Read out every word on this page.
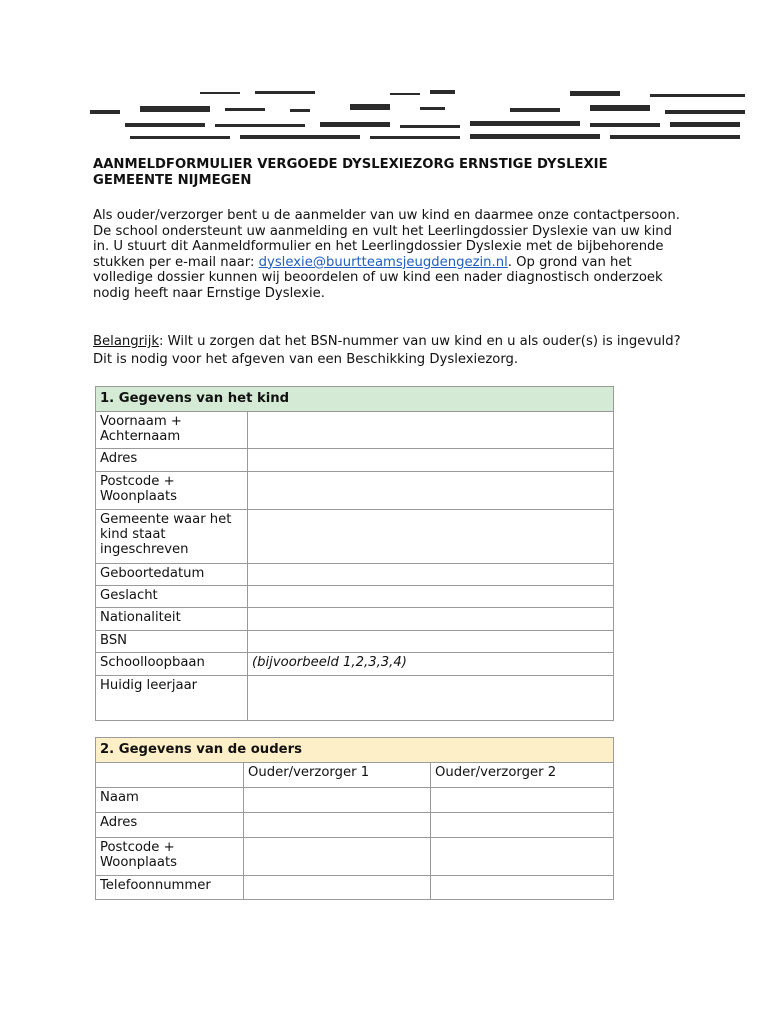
AANMELDFORMULIER VERGOEDE DYSLEXIEZORG ERNSTIGE DYSLEXIE
GEMEENTE NIJMEGEN

Als ouder/verzorger bent u de aanmelder van uw kind en daarmee onze contactpersoon. De school ondersteunt uw aanmelding en vult het Leerlingdossier Dyslexie van uw kind in. U stuurt dit Aanmeldformulier en het Leerlingdossier Dyslexie met de bijbehorende stukken per e-mail naar: dyslexie@buurtteamsjeugdengezin.nl. Op grond van het volledige dossier kunnen wij beoordelen of uw kind een nader diagnostisch onderzoek nodig heeft naar Ernstige Dyslexie.

Belangrijk: Wilt u zorgen dat het BSN-nummer van uw kind en u als ouder(s) is ingevuld? Dit is nodig voor het afgeven van een Beschikking Dyslexiezorg.

1. Gegevens van het kind	
Voornaam + Achternaam	
Adres	
Postcode + Woonplaats	
Gemeente waar het kind staat ingeschreven	
Geboortedatum	
Geslacht	
Nationaliteit	
BSN	
Schoolloopbaan	(bijvoorbeeld 1,2,3,3,4)
Huidig leerjaar	
2. Gegevens van de ouders		
	Ouder/verzorger 1	Ouder/verzorger 2
Naam		
Adres		
Postcode + Woonplaats		
Telefoonnummer		
